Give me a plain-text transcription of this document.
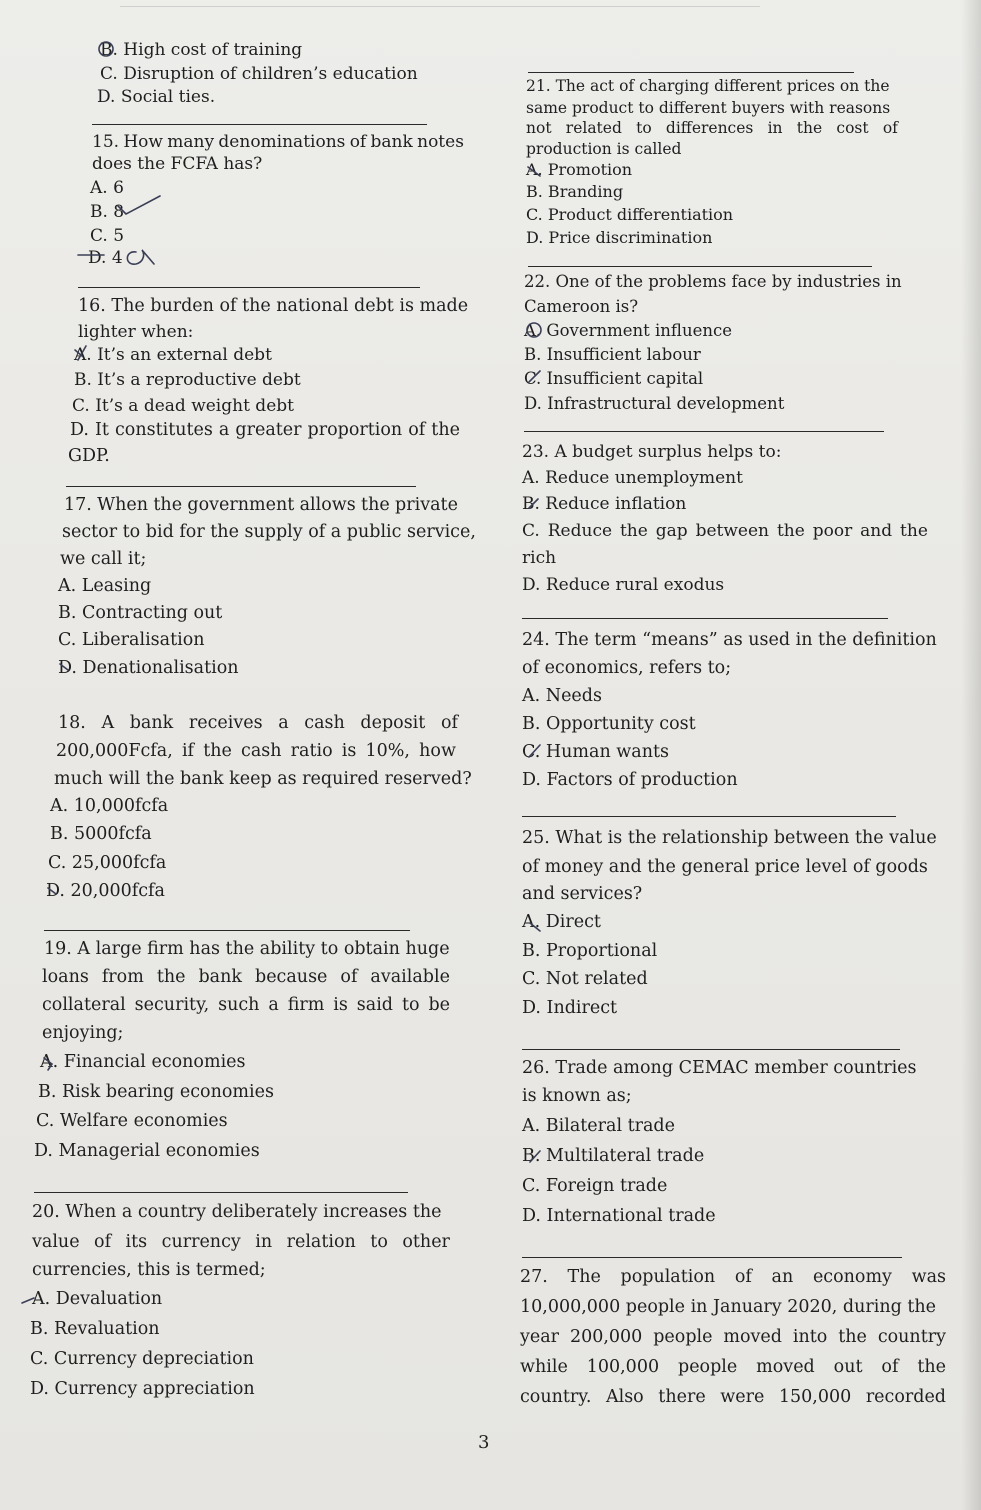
B. High cost of training
C. Disruption of children’s education
D. Social ties.
15. How many denominations of bank notes
does the FCFA has?
A. 6
B. 8
C. 5
D. 4
16. The burden of the national debt is made
lighter when:
A. It’s an external debt
B. It’s a reproductive debt
C. It’s a dead weight debt
D. It constitutes a greater proportion of the
GDP.
17. When the government allows the private
sector to bid for the supply of a public service,
we call it;
A. Leasing
B. Contracting out
C. Liberalisation
D. Denationalisation
18. A bank receives a cash deposit of
200,000Fcfa, if the cash ratio is 10%, how
much will the bank keep as required reserved?
A. 10,000fcfa
B. 5000fcfa
C. 25,000fcfa
D. 20,000fcfa
19. A large firm has the ability to obtain huge
loans from the bank because of available
collateral security, such a firm is said to be
enjoying;
A. Financial economies
B. Risk bearing economies
C. Welfare economies
D. Managerial economies
20. When a country deliberately increases the
value of its currency in relation to other
currencies, this is termed;
A. Devaluation
B. Revaluation
C. Currency depreciation
D. Currency appreciation
21. The act of charging different prices on the
same product to different buyers with reasons
not related to differences in the cost of
production is called
A. Promotion
B. Branding
C. Product differentiation
D. Price discrimination
22. One of the problems face by industries in
Cameroon is?
A. Government influence
B. Insufficient labour
C. Insufficient capital
D. Infrastructural development
23. A budget surplus helps to:
A. Reduce unemployment
B. Reduce inflation
C. Reduce the gap between the poor and the
rich
D. Reduce rural exodus
24. The term “means” as used in the definition
of economics, refers to;
A. Needs
B. Opportunity cost
C. Human wants
D. Factors of production
25. What is the relationship between the value
of money and the general price level of goods
and services?
A. Direct
B. Proportional
C. Not related
D. Indirect
26. Trade among CEMAC member countries
is known as;
A. Bilateral trade
B. Multilateral trade
C. Foreign trade
D. International trade
27. The population of an economy was
10,000,000 people in January 2020, during the
year 200,000 people moved into the country
while 100,000 people moved out of the
country. Also there were 150,000 recorded
3
